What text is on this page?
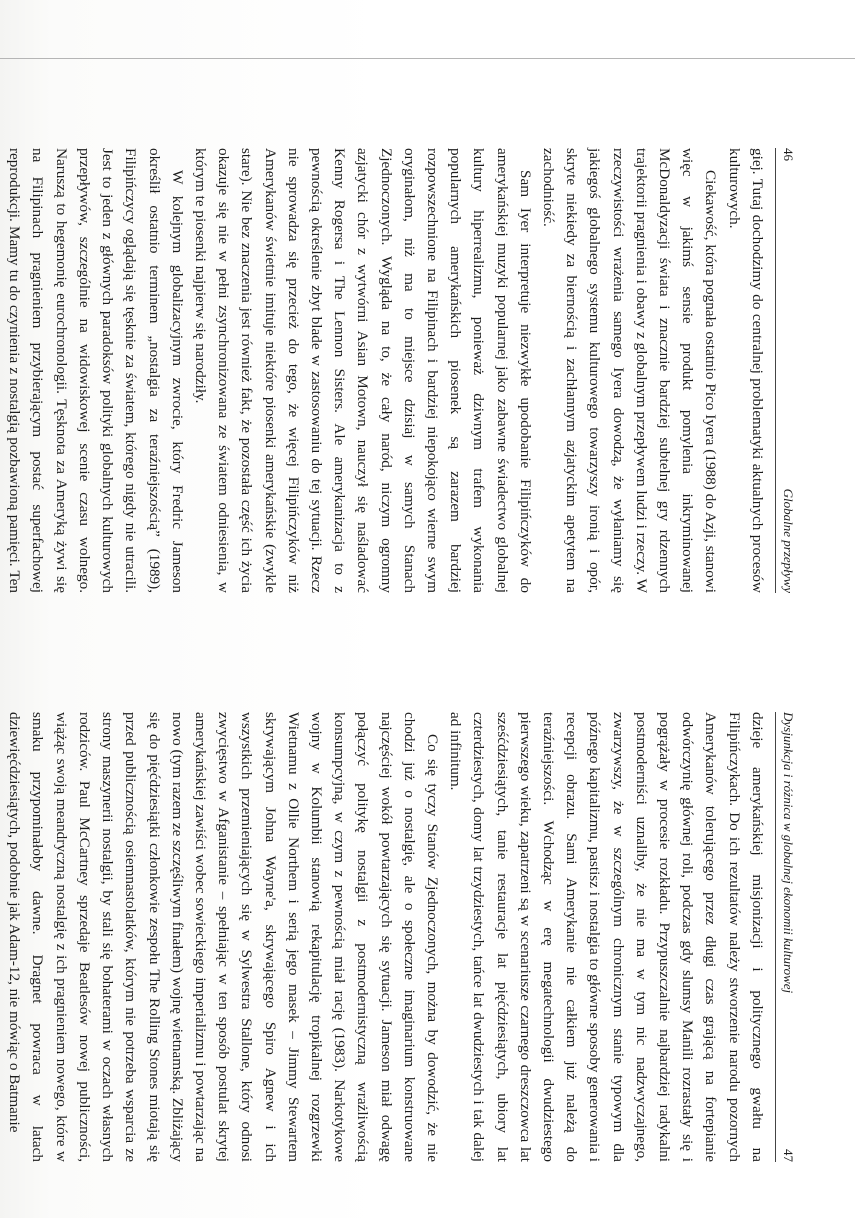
46
Globalne przepływy

giej. Tutaj dochodzimy do centralnej problematyki aktualnych procesów kulturowych.

Ciekawość, która pognała ostatnio Pico Iyera (1988) do Azji, stanowi więc w jakimś sensie produkt pomylenia inkryminowanej McDonaldyzacji świata i znacznie bardziej subtelnej gry rdzennych trajektorii pragnienia i obawy z globalnym przepływem ludzi i rzeczy. W rzeczywistości wrażenia samego Iyera dowodzą, że wyłaniamy się jakiegoś globalnego systemu kulturowego towarzyszy ironią i opór, skryte niekiedy za biernością i zachłannym azjatyckim apetytem na zachodniość.

Sam Iyer interpretuje niezwykłe upodobanie Filipińczyków do amerykańskiej muzyki popularnej jako zabawne świadectwo globalnej kultury hiperrealizmu, ponieważ dziwnym trafem wykonania popularnych amerykańskich piosenek są zarazem bardziej rozpowszechnione na Filipinach i bardziej niepokojąco wierne swym oryginałom, niż ma to miejsce dzisiaj w samych Stanach Zjednoczonych. Wygląda na to, że cały naród, niczym ogromny azjatycki chór z wytwórni Asian Motown, nauczył się naśladować Kenny Rogersa i The Lennon Sisters. Ale amerykanizacja to z pewnością określenie zbyt blade w zastosowaniu do tej sytuacji. Rzecz nie sprowadza się przecież do tego, że więcej Filipińczyków niż Amerykanów świetnie imituje niektóre piosenki amerykańskie (zwykle stare). Nie bez znaczenia jest również fakt, że pozostała część ich życia okazuje się nie w pełni zsynchronizowana ze światem odniesienia, w którym te piosenki najpierw się narodziły.

W kolejnym globalizacyjnym zwrocie, który Fredric Jameson określił ostatnio terminem „nostalgia za teraźniejszością” (1989), Filipińczycy oglądają się tęsknie za światem, którego nigdy nie utracili. Jest to jeden z głównych paradoksów polityki globalnych kulturowych przepływów, szczególnie na widowiskowej scenie czasu wolnego. Naruszą to hegemonię eurochronologii. Tęsknota za Ameryką żywi się na Filipinach pragnieniem przybierającym postać superfachowej reprodukcji. Mamy tu do czynienia z nostalgią pozbawioną pamięci. Ten

Dysjunkcja i różnica w globalnej ekonomii kulturowej
47

dzieje amerykańskiej misjonizacji i politycznego gwałtu na Filipińczykach. Do ich rezultatów należy stworzenie narodu pozornych Amerykanów tolerującego przez długi czas grającą na fortepianie odwórczynię głównej roli, podczas gdy slumsy Manili rozrastały się i pogrążały w procesie rozkładu. Przypuszczalnie najbardziej radykalni postmoderniści uznaliby, że nie ma w tym nic nadzwyczajnego, zwarzywszy, że w szczególnym chronicznym stanie typowym dla późnego kapitalizmu, pastisz i nostalgia to główne sposoby generowania i recepcji obrazu. Sami Amerykanie nie całkiem już należą do teraźniejszości. Wchodząc w erę megatechnologii dwudziestego pierwszego wieku, zapatrzeni są w scenariusze czarnego dreszczowca lat sześćdziesiątych, tanie restauracje lat pięćdziesiątych, ubiory lat czterdziestych, domy lat trzydziestych, tańce lat dwudziestych i tak dalej ad infinitum.

Co się tyczy Stanów Zjednoczonych, można by dowodzić, że nie chodzi już o nostalgię, ale o społeczne imaginarium konstruowane najczęściej wokół powtarzających się sytuacji. Jameson miał odwagę połączyć politykę nostalgii z postmodernistyczną wrażliwością konsumpcyjną, w czym z pewnością miał rację (1983). Narkotykowe wojny w Kolumbii stanowią rekapitulację tropikalnej rozgrzewki Wietnamu z Ollie Northem i serią jego masek – Jimmy Stewartem skrywającym Johna Wayne'a, skrywającego Spiro Agnew i ich wszystkich przemieniających się w Sylwestra Stallone, który odnosi zwycięstwo w Afganistanie – spełniając w ten sposób postulat skrytej amerykańskiej zawiści wobec sowieckiego imperializmu i powtarzając na nowo (tym razem ze szczęśliwym finałem) wojnę wietnamską. Zbliżający się do pięćdziesiątki członkowie zespołu The Rolling Stones miotają się przed publicznością osiemnastolatków, którym nie potrzeba wsparcia ze strony maszynerii nostalgii, by stali się bohaterami w oczach własnych rodziców. Paul McCartney sprzedaje Beatlesów nowej publiczności, wiążąc swoją meandryczną nostalgię z ich pragnieniem nowego, które w smaku przypominałoby dawne. Dragnet powraca w latach dziewięćdziesiątych, podobnie jak Adam-12, nie mówiąc o Batmanie
